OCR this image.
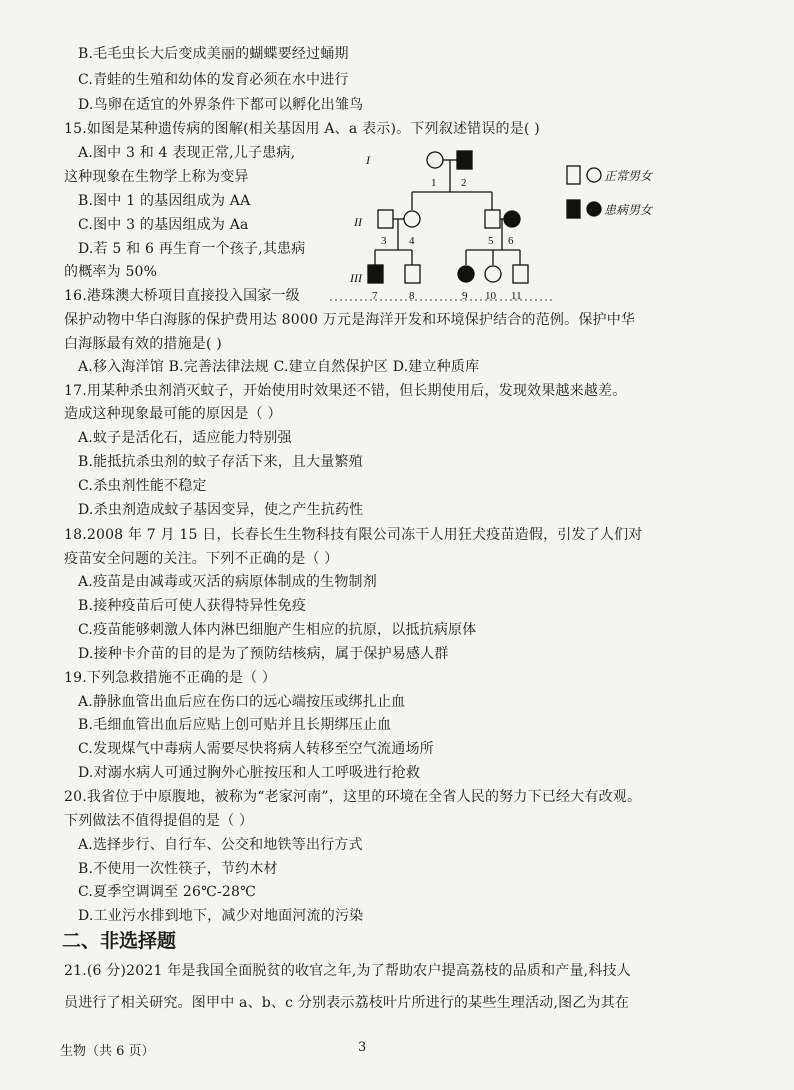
B.毛毛虫长大后变成美丽的蝴蝶要经过蛹期
C.青蛙的生殖和幼体的发育必须在水中进行
D.鸟卵在适宜的外界条件下都可以孵化出雏鸟
15.如图是某种遗传病的图解(相关基因用 A、a 表示)。下列叙述错误的是( )
A.图中 3 和 4 表现正常,儿子患病,
这种现象在生物学上称为变异
B.图中 1 的基因组成为 AA
C.图中 3 的基因组成为 Aa
D.若 5 和 6 再生育一个孩子,其患病
的概率为 50%
I
II
III
1 2
3 4	5 6
7	8	9 10 11
正常男女
患病男女
16.港珠澳大桥项目直接投入国家一级
保护动物中华白海豚的保护费用达 8000 万元是海洋开发和环境保护结合的范例。保护中华
白海豚最有效的措施是( )
A.移入海洋馆 B.完善法律法规 C.建立自然保护区 D.建立种质库
17.用某种杀虫剂消灭蚊子，开始使用时效果还不错，但长期使用后，发现效果越来越差。
造成这种现象最可能的原因是（ ）
A.蚊子是活化石，适应能力特别强
B.能抵抗杀虫剂的蚊子存活下来，且大量繁殖
C.杀虫剂性能不稳定
D.杀虫剂造成蚊子基因变异，使之产生抗药性
18.2008 年 7 月 15 日，长春长生生物科技有限公司冻干人用狂犬疫苗造假，引发了人们对
疫苗安全问题的关注。下列不正确的是（ ）
A.疫苗是由减毒或灭活的病原体制成的生物制剂
B.接种疫苗后可使人获得特异性免疫
C.疫苗能够刺激人体内淋巴细胞产生相应的抗原，以抵抗病原体
D.接种卡介苗的目的是为了预防结核病，属于保护易感人群
19.下列急救措施不正确的是（ ）
A.静脉血管出血后应在伤口的远心端按压或绑扎止血
B.毛细血管出血后应贴上创可贴并且长期绑压止血
C.发现煤气中毒病人需要尽快将病人转移至空气流通场所
D.对溺水病人可通过胸外心脏按压和人工呼吸进行抢救
20.我省位于中原腹地，被称为“老家河南”，这里的环境在全省人民的努力下已经大有改观。
下列做法不值得提倡的是（ ）
A.选择步行、自行车、公交和地铁等出行方式
B.不使用一次性筷子，节约木材
C.夏季空调调至 26℃-28℃
D.工业污水排到地下，减少对地面河流的污染
二、非选择题
21.(6 分)2021 年是我国全面脱贫的收官之年,为了帮助农户提高荔枝的品质和产量,科技人
员进行了相关研究。图甲中 a、b、c 分别表示荔枝叶片所进行的某些生理活动,图乙为其在
生物（共 6 页）	3
